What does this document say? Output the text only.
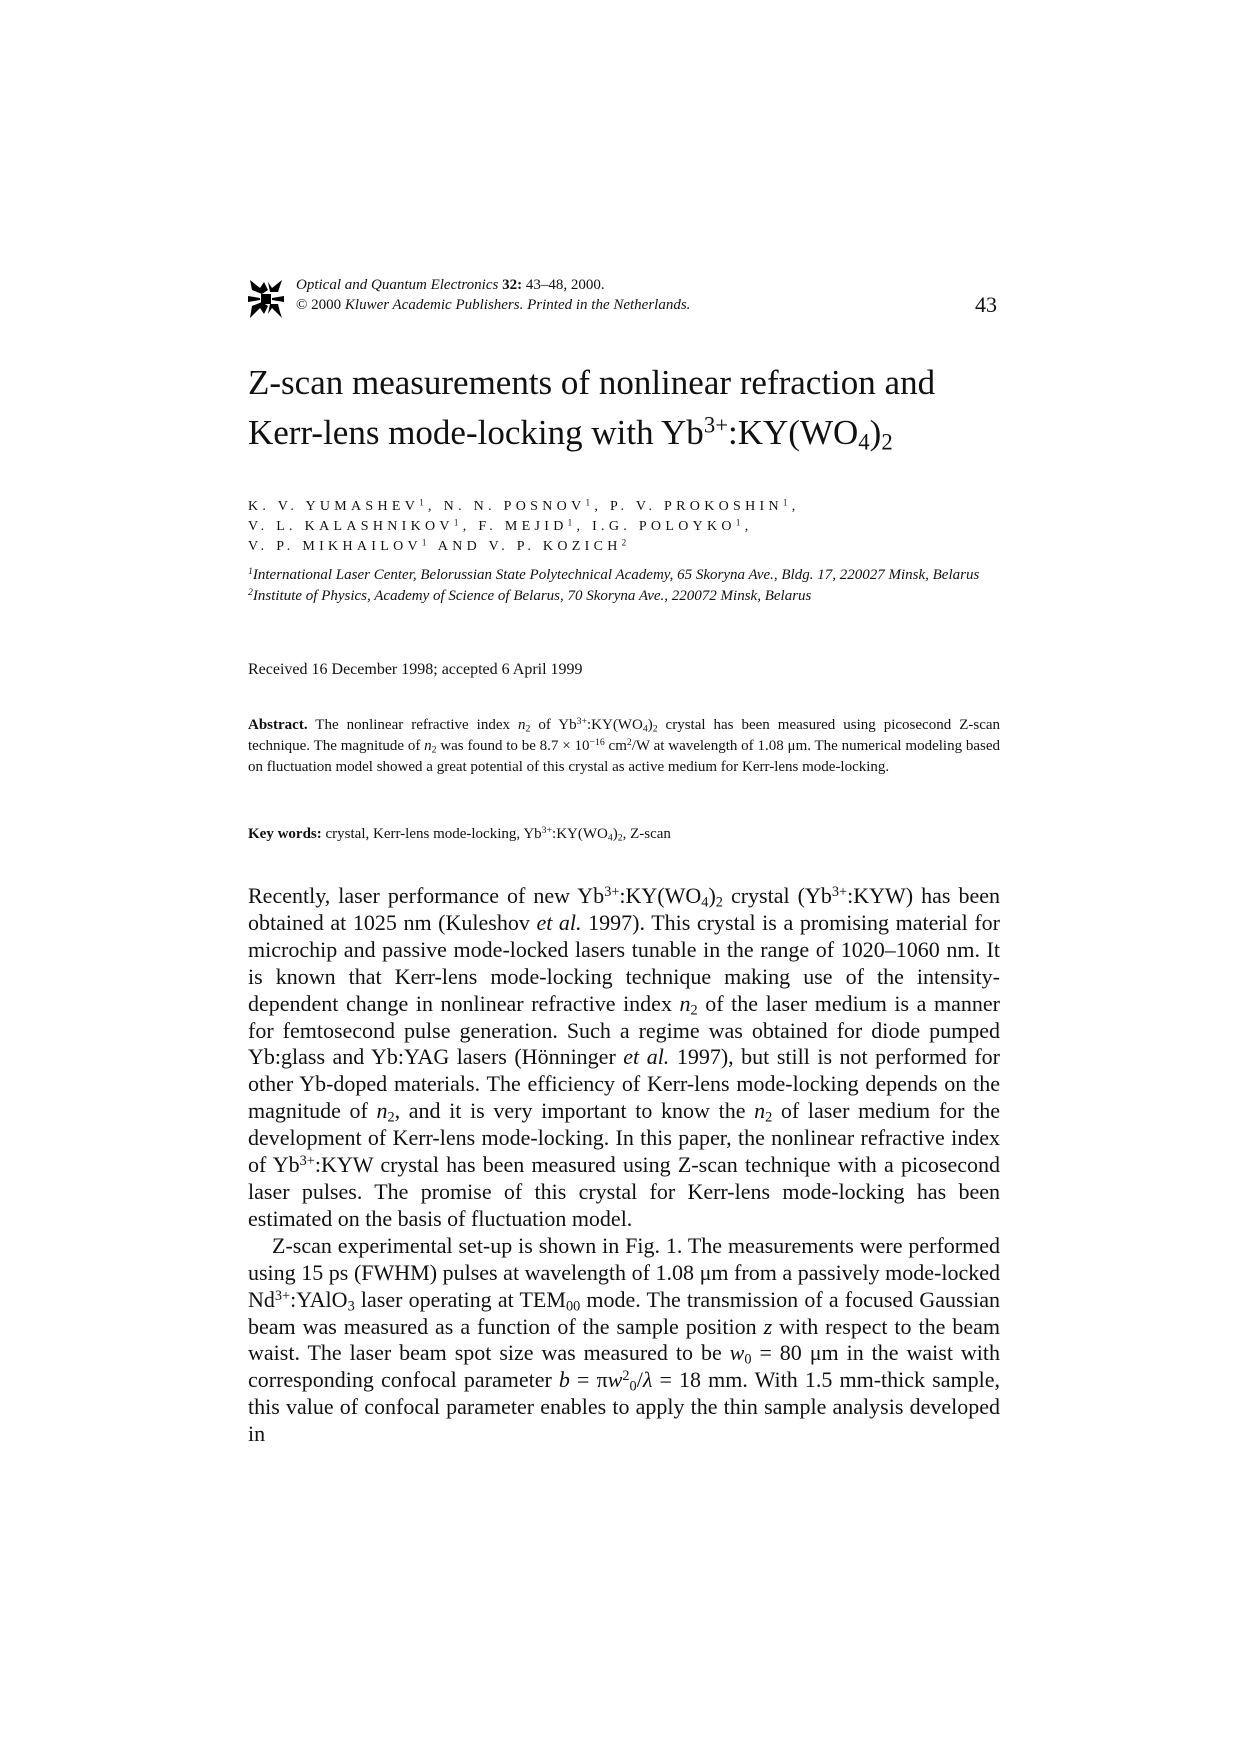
Optical and Quantum Electronics 32: 43–48, 2000.
© 2000 Kluwer Academic Publishers. Printed in the Netherlands.	43
Z-scan measurements of nonlinear refraction and
Kerr-lens mode-locking with $Yb^{3+}:KY(WO_4)_2$
K. V. YUMASHEV$^1$, N. N. POSNOV$^1$, P. V. PROKOSHIN$^1$,
V. L. KALASHNIKOV$^1$, F. MEJID$^1$, I.G. POLOYKO$^1$,
V. P. MIKHAILOV$^1$ AND V. P. KOZICH$^2$

$^1$International Laser Center, Belorussian State Polytechnical Academy, 65 Skoryna Ave., Bldg. 17, 220027 Minsk, Belarus

$^2$Institute of Physics, Academy of Science of Belarus, 70 Skoryna Ave., 220072 Minsk, Belarus

Received 16 December 1998; accepted 6 April 1999
Abstract. The nonlinear refractive index $n_2$ of $Yb^{3+}:KY(WO_4)_2$ crystal has been measured using picosecond Z-scan technique. The magnitude of $n_2$ was found to be $8.7 \times 10^{-16}$ $cm^2/W$ at wavelength of 1.08 μm. The numerical modeling based on fluctuation model showed a great potential of this crystal as active medium for Kerr-lens mode-locking.
Key words: crystal, Kerr-lens mode-locking, $Yb^{3+}:KY(WO_4)_2$, Z-scan

Recently, laser performance of new $Yb^{3+}:KY(WO_4)_2$ crystal $(Yb^{3+}:KYW)$ has been obtained at 1025 nm (Kuleshov et al. 1997). This crystal is a promising material for microchip and passive mode-locked lasers tunable in the range of 1020–1060 nm. It is known that Kerr-lens mode-locking technique making use of the intensity-dependent change in nonlinear refractive index $n_2$ of the laser medium is a manner for femtosecond pulse generation. Such a regime was obtained for diode pumped Yb:glass and Yb:YAG lasers (Hönninger et al. 1997), but still is not performed for other Yb-doped materials. The efficiency of Kerr-lens mode-locking depends on the magnitude of $n_2$, and it is very important to know the $n_2$ of laser medium for the development of Kerr-lens mode-locking. In this paper, the nonlinear refractive index of $Yb^{3+}:KYW$ crystal has been measured using Z-scan technique with a picosecond laser pulses. The promise of this crystal for Kerr-lens mode-locking has been estimated on the basis of fluctuation model.

Z-scan experimental set-up is shown in Fig. 1. The measurements were performed using 15 ps (FWHM) pulses at wavelength of 1.08 μm from a passively mode-locked $Nd^{3+}:YAlO_3$ laser operating at $TEM_{00}$ mode. The transmission of a focused Gaussian beam was measured as a function of the sample position z with respect to the beam waist. The laser beam spot size was measured to be $w_0 = 80$ μm in the waist with corresponding confocal parameter $b = \pi w^2_0/\lambda = 18$ mm. With 1.5 mm-thick sample, this value of confocal parameter enables to apply the thin sample analysis developed in
